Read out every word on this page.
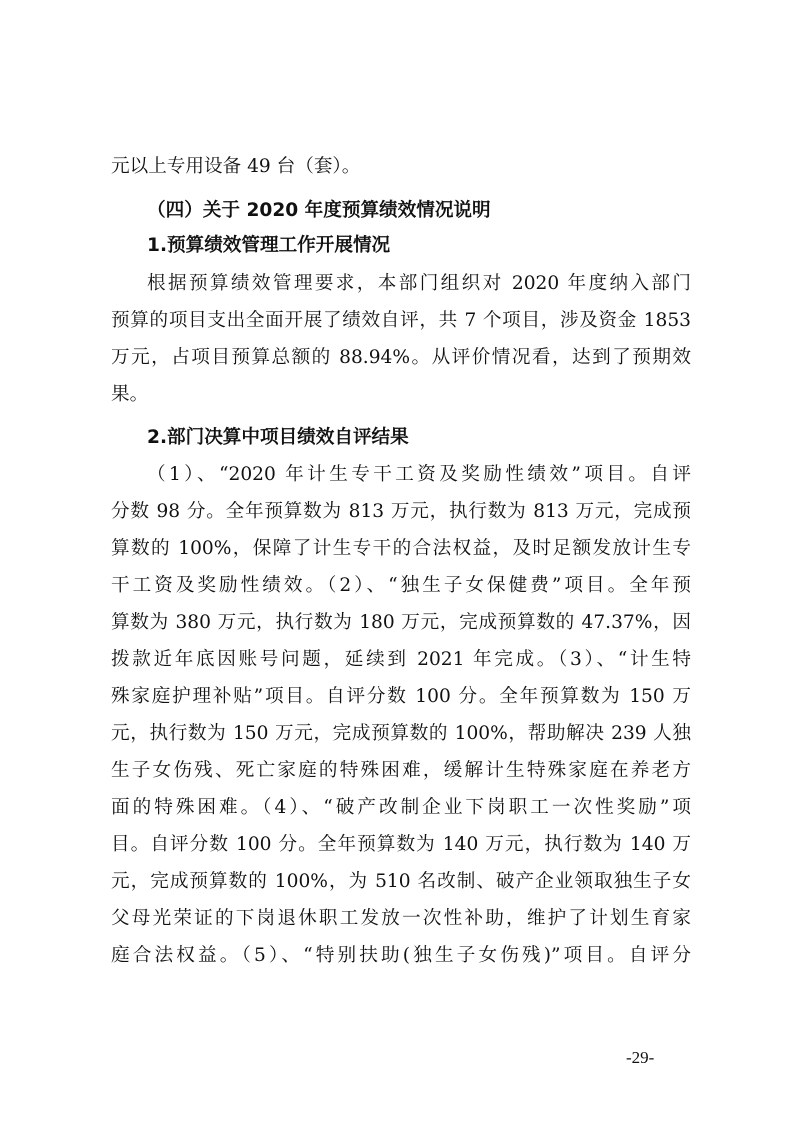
元以上专用设备 49 台（套）。
（四）关于 2020 年度预算绩效情况说明
1.预算绩效管理工作开展情况
根据预算绩效管理要求，本部门组织对 2020 年度纳入部门
预算的项目支出全面开展了绩效自评，共 7 个项目，涉及资金 1853
万元，占项目预算总额的 88.94%。从评价情况看，达到了预期效
果。
2.部门决算中项目绩效自评结果
（1）、“2020 年计生专干工资及奖励性绩效”项目。自评
分数 98 分。全年预算数为 813 万元，执行数为 813 万元，完成预
算数的 100%，保障了计生专干的合法权益，及时足额发放计生专
干工资及奖励性绩效。（2）、“独生子女保健费”项目。全年预
算数为 380 万元，执行数为 180 万元，完成预算数的 47.37%，因
拨款近年底因账号问题，延续到 2021 年完成。（3）、“计生特
殊家庭护理补贴”项目。自评分数 100 分。全年预算数为 150 万
元，执行数为 150 万元，完成预算数的 100%，帮助解决 239 人独
生子女伤残、死亡家庭的特殊困难，缓解计生特殊家庭在养老方
面的特殊困难。（4）、“破产改制企业下岗职工一次性奖励”项
目。自评分数 100 分。全年预算数为 140 万元，执行数为 140 万
元，完成预算数的 100%，为 510 名改制、破产企业领取独生子女
父母光荣证的下岗退休职工发放一次性补助，维护了计划生育家
庭合法权益。（5）、“特别扶助(独生子女伤残)”项目。自评分
-29-
